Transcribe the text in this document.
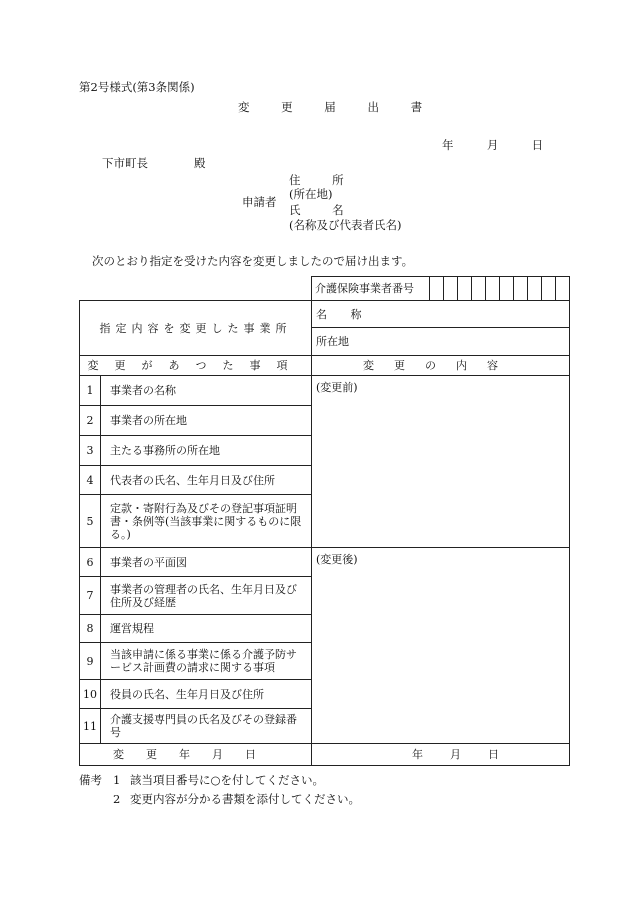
第2号様式(第3条関係)
変 更 届 出 書
年	月	日
下市町長	殿
申請者
住 所
(所在地)
氏 名
(名称及び代表者氏名)
次のとおり指定を受けた内容を変更しましたので届け出ます。
		介護保険事業者番号										
指定内容を変更した事業所		名 称										
		所在地										
変更があつた事項		変更の内容										
1	事業者の名称	(変更前)										
2	事業者の所在地											
3	主たる事務所の所在地											
4	代表者の氏名、生年月日及び住所											
5	定款・寄附行為及びその登記事項証明書・条例等(当該事業に関するものに限る。)											
6	事業者の平面図	(変更後)										
7	事業者の管理者の氏名、生年月日及び住所及び経歴											
8	運営規程											
9	当該申請に係る事業に係る介護予防サービス計画費の請求に関する事項											
10	役員の氏名、生年月日及び住所											
11	介護支援専門員の氏名及びその登録番号											
変更年月日		年 月 日										
備考 1 該当項目番号に○を付してください。
2 変更内容が分かる書類を添付してください。
